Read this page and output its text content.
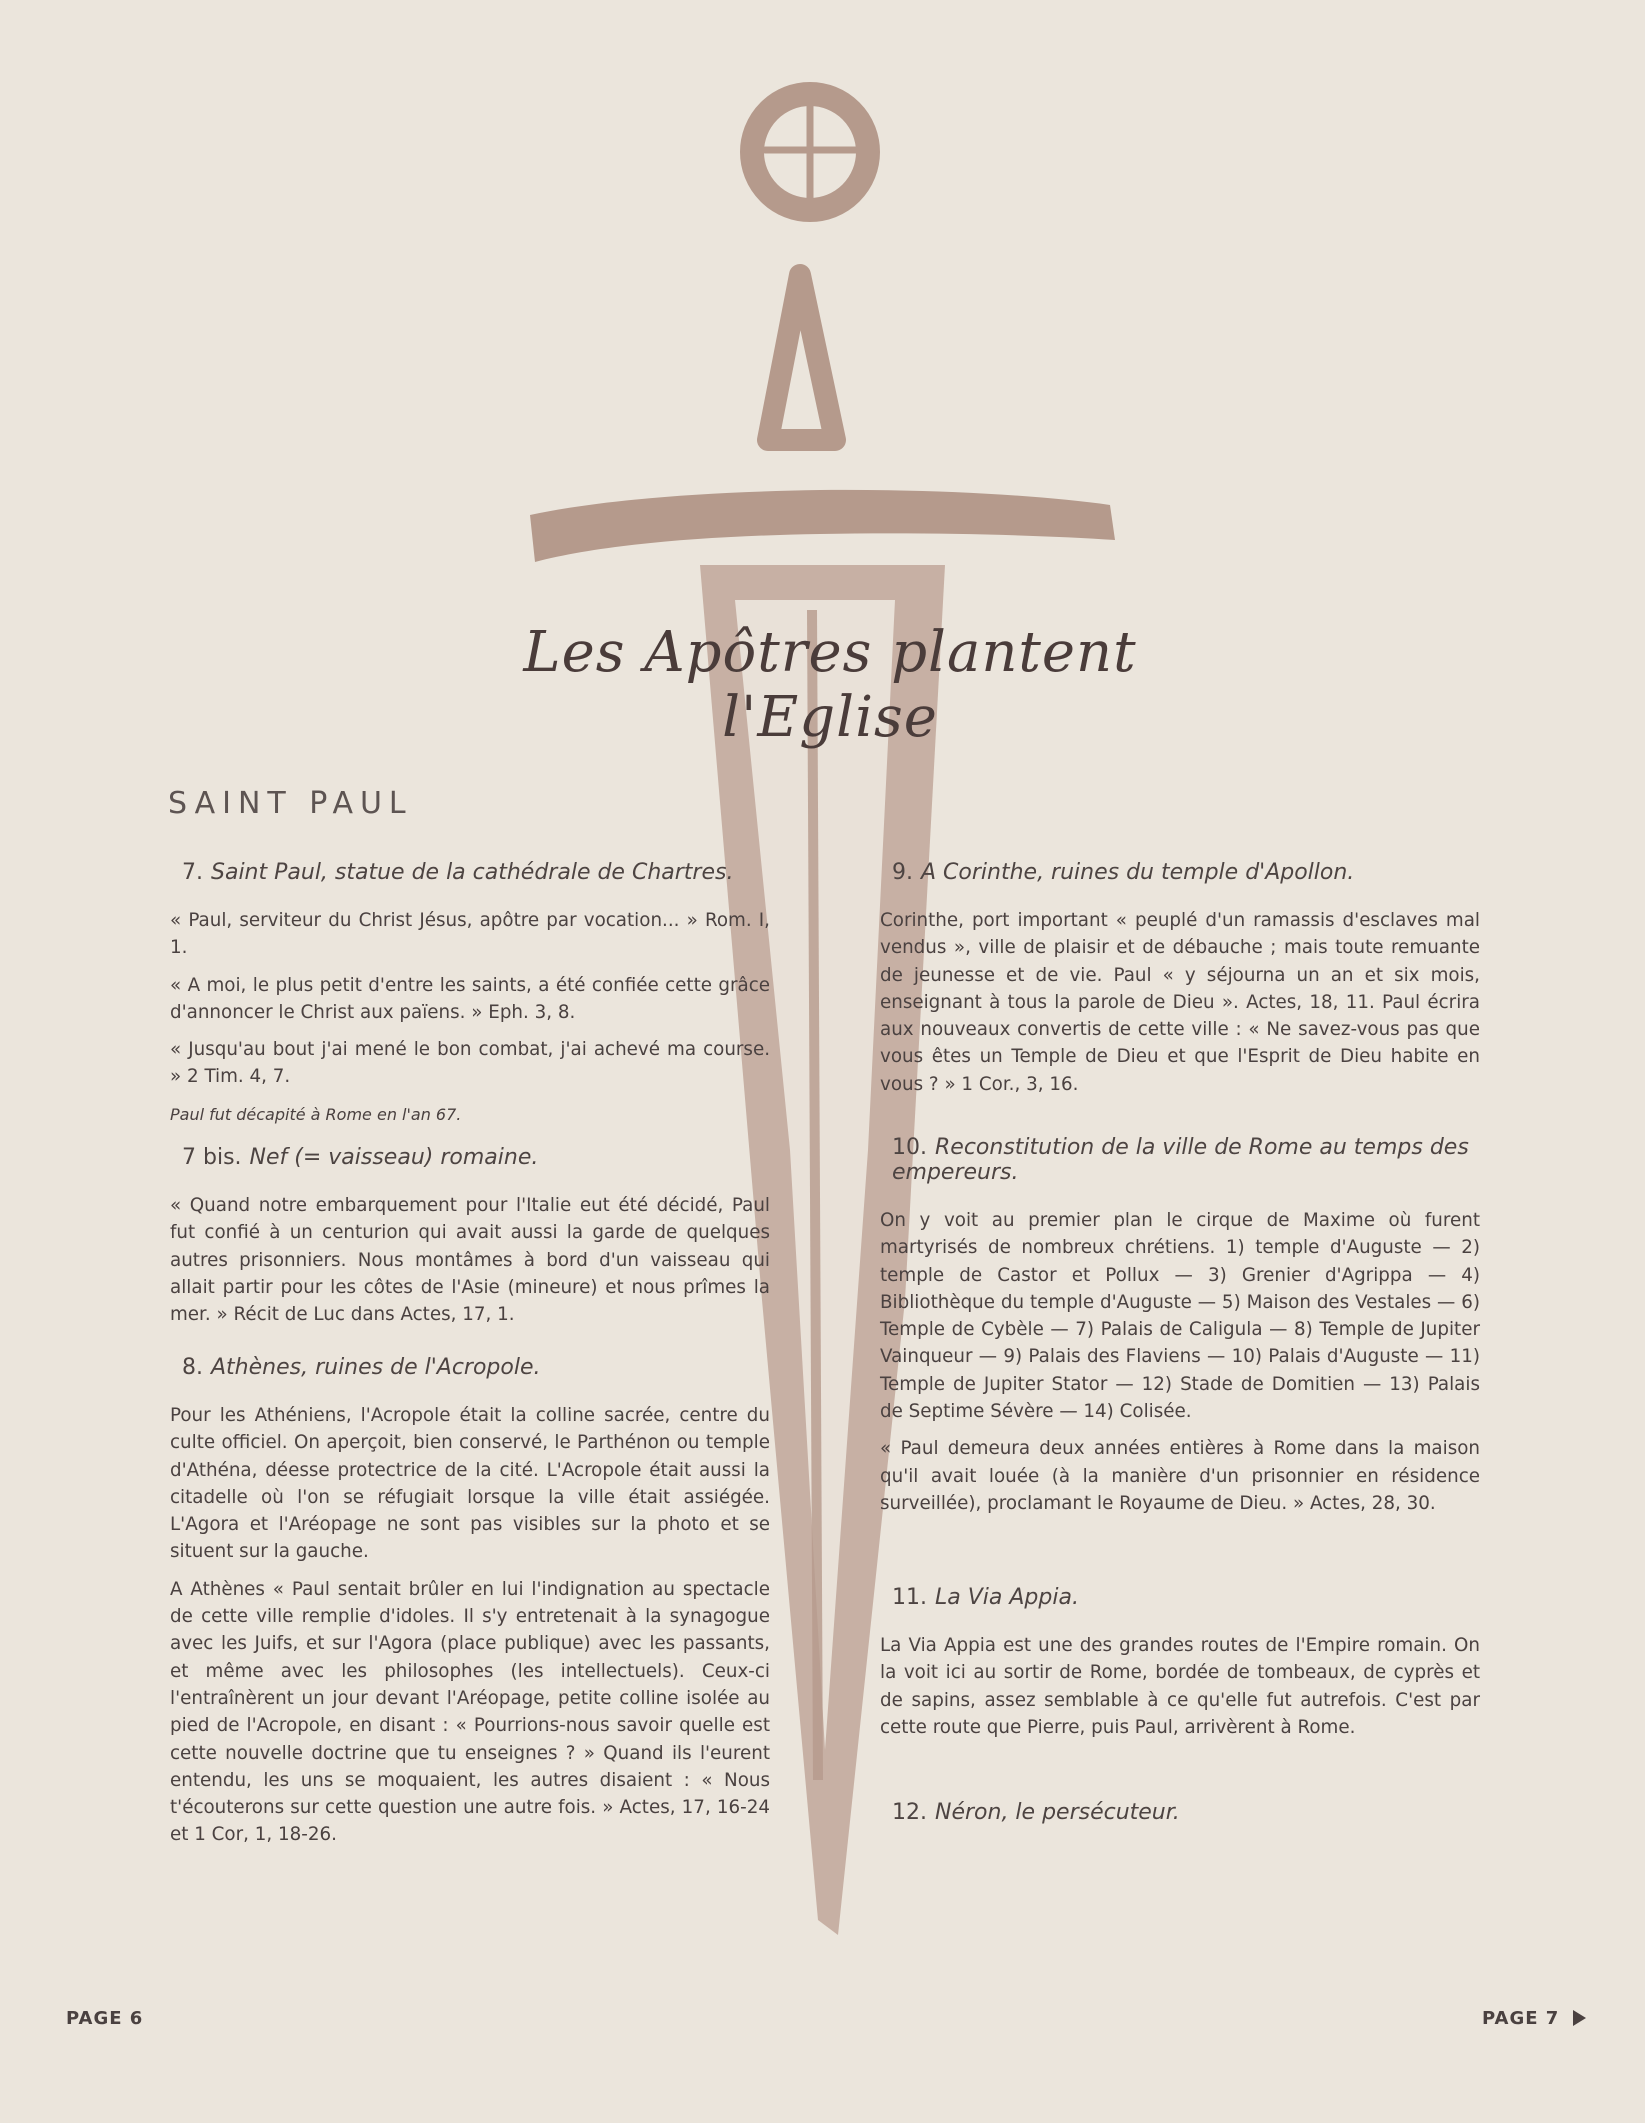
Les Apôtres plantent l'Eglise
SAINT PAUL
7. Saint Paul, statue de la cathédrale de Chartres.

« Paul, serviteur du Christ Jésus, apôtre par vocation... » Rom. I, 1.

« A moi, le plus petit d'entre les saints, a été confiée cette grâce d'annoncer le Christ aux païens. » Eph. 3, 8.

« Jusqu'au bout j'ai mené le bon combat, j'ai achevé ma course. » 2 Tim. 4, 7.

Paul fut décapité à Rome en l'an 67.

7 bis. Nef (= vaisseau) romaine.

« Quand notre embarquement pour l'Italie eut été décidé, Paul fut confié à un centurion qui avait aussi la garde de quelques autres prisonniers. Nous montâmes à bord d'un vaisseau qui allait partir pour les côtes de l'Asie (mineure) et nous prîmes la mer. » Récit de Luc dans Actes, 17, 1.

8. Athènes, ruines de l'Acropole.

Pour les Athéniens, l'Acropole était la colline sacrée, centre du culte officiel. On aperçoit, bien conservé, le Parthénon ou temple d'Athéna, déesse protectrice de la cité. L'Acropole était aussi la citadelle où l'on se réfugiait lorsque la ville était assiégée. L'Agora et l'Aréopage ne sont pas visibles sur la photo et se situent sur la gauche.

A Athènes « Paul sentait brûler en lui l'indignation au spectacle de cette ville remplie d'idoles. Il s'y entretenait à la synagogue avec les Juifs, et sur l'Agora (place publique) avec les passants, et même avec les philosophes (les intellectuels). Ceux-ci l'entraînèrent un jour devant l'Aréopage, petite colline isolée au pied de l'Acropole, en disant : « Pourrions-nous savoir quelle est cette nouvelle doctrine que tu enseignes ? » Quand ils l'eurent entendu, les uns se moquaient, les autres disaient : « Nous t'écouterons sur cette question une autre fois. » Actes, 17, 16-24 et 1 Cor, 1, 18-26.

9. A Corinthe, ruines du temple d'Apollon.

Corinthe, port important « peuplé d'un ramassis d'esclaves mal vendus », ville de plaisir et de débauche ; mais toute remuante de jeunesse et de vie. Paul « y séjourna un an et six mois, enseignant à tous la parole de Dieu ». Actes, 18, 11. Paul écrira aux nouveaux convertis de cette ville : « Ne savez-vous pas que vous êtes un Temple de Dieu et que l'Esprit de Dieu habite en vous ? » 1 Cor., 3, 16.

10. Reconstitution de la ville de Rome au temps des empereurs.

On y voit au premier plan le cirque de Maxime où furent martyrisés de nombreux chrétiens. 1) temple d'Auguste — 2) temple de Castor et Pollux — 3) Grenier d'Agrippa — 4) Bibliothèque du temple d'Auguste — 5) Maison des Vestales — 6) Temple de Cybèle — 7) Palais de Caligula — 8) Temple de Jupiter Vainqueur — 9) Palais des Flaviens — 10) Palais d'Auguste — 11) Temple de Jupiter Stator — 12) Stade de Domitien — 13) Palais de Septime Sévère — 14) Colisée.

« Paul demeura deux années entières à Rome dans la maison qu'il avait louée (à la manière d'un prisonnier en résidence surveillée), proclamant le Royaume de Dieu. » Actes, 28, 30.

11. La Via Appia.

La Via Appia est une des grandes routes de l'Empire romain. On la voit ici au sortir de Rome, bordée de tombeaux, de cyprès et de sapins, assez semblable à ce qu'elle fut autrefois. C'est par cette route que Pierre, puis Paul, arrivèrent à Rome.

12. Néron, le persécuteur.
PAGE 6	PAGE 7
